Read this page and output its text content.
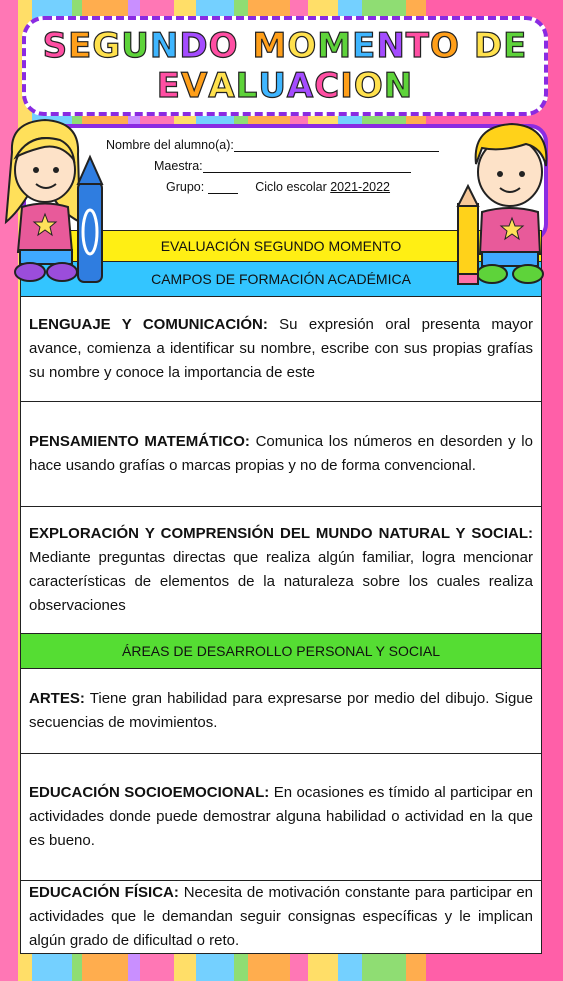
SEGUNDO MOMENTO DE
EVALUACION
Nombre del alumno(a):
Maestra:
Grupo:	Ciclo escolar 2021-2022
EVALUACIÓN SEGUNDO MOMENTO
CAMPOS DE FORMACIÓN ACADÉMICA

LENGUAJE Y COMUNICACIÓN: Su expresión oral presenta mayor avance, comienza a identificar su nombre, escribe con sus propias grafías su nombre y conoce la importancia de este

PENSAMIENTO MATEMÁTICO: Comunica los números en desorden y lo hace usando grafías o marcas propias y no de forma convencional.

EXPLORACIÓN Y COMPRENSIÓN DEL MUNDO NATURAL Y SOCIAL: Mediante preguntas directas que realiza algún familiar, logra mencionar características de elementos de la naturaleza sobre los cuales realiza observaciones

ÁREAS DE DESARROLLO PERSONAL Y SOCIAL

ARTES: Tiene gran habilidad para expresarse por medio del dibujo. Sigue secuencias de movimientos.

EDUCACIÓN SOCIOEMOCIONAL: En ocasiones es tímido al participar en actividades donde puede demostrar alguna habilidad o actividad en la que es bueno.

EDUCACIÓN FÍSICA: Necesita de motivación constante para participar en actividades que le demandan seguir consignas específicas y le implican algún grado de dificultad o reto.
